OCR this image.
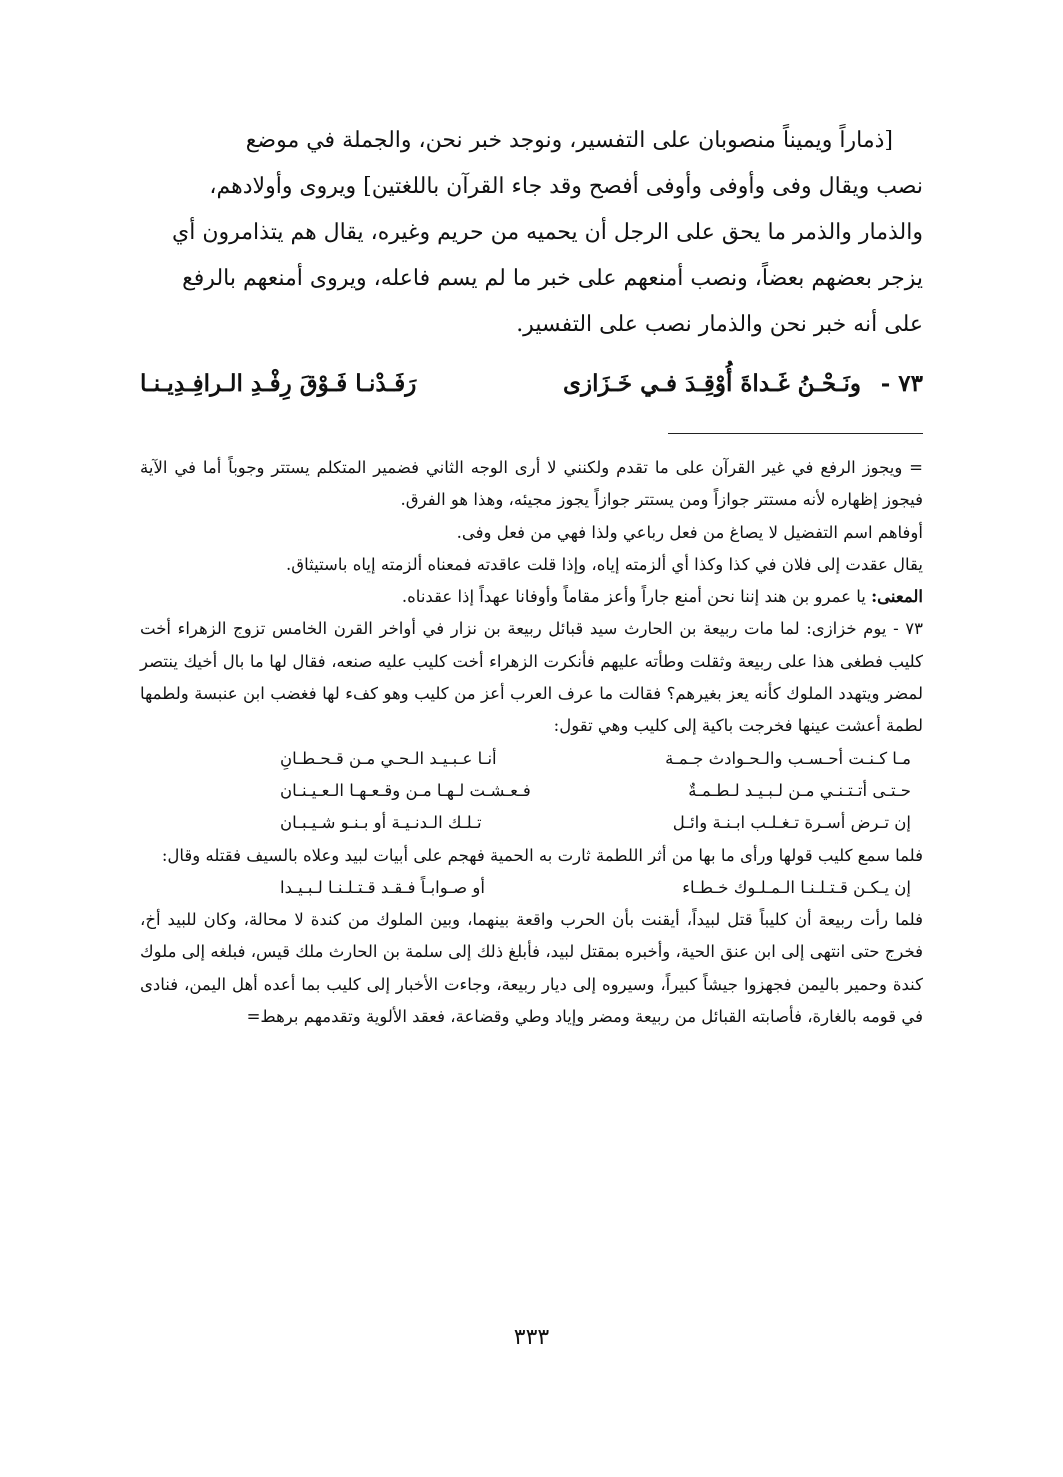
[ذماراً ويميناً منصوبان على التفسير، ونوجد خبر نحن، والجملة في موضع

نصب ويقال وفى وأوفى وأوفى أفصح وقد جاء القرآن باللغتين] ويروى وأولادهم،

والذمار والذمر ما يحق على الرجل أن يحميه من حريم وغيره، يقال هم يتذامرون أي

يزجر بعضهم بعضاً، ونصب أمنعهم على خبر ما لم يسم فاعله، ويروى أمنعهم بالرفع

على أنه خبر نحن والذمار نصب على التفسير.

٧٣ -
ونَـحْـنُ غَـداةَ أُوْقِـدَ فـي خَـزَازى
رَفَـدْنـا فَـوْقَ رِفْـدِ الـرافِـدِيـنـا

= ويجوز الرفع في غير القرآن على ما تقدم ولكنني لا أرى الوجه الثاني فضمير المتكلم يستتر وجوباً أما في الآية فيجوز إظهاره لأنه مستتر جوازاً ومن يستتر جوازاً يجوز مجيئه، وهذا هو الفرق.

أوفاهم اسم التفضيل لا يصاغ من فعل رباعي ولذا فهي من فعل وفى.

يقال عقدت إلى فلان في كذا وكذا أي ألزمته إياه، وإذا قلت عاقدته فمعناه ألزمته إياه باستيثاق.

المعنى: يا عمرو بن هند إننا نحن أمنع جاراً وأعز مقاماً وأوفانا عهداً إذا عقدناه.

٧٣ - يوم خزازى: لما مات ربيعة بن الحارث سيد قبائل ربيعة بن نزار في أواخر القرن الخامس تزوج الزهراء أخت كليب فطغى هذا على ربيعة وثقلت وطأته عليهم فأنكرت الزهراء أخت كليب عليه صنعه، فقال لها ما بال أخيك ينتصر لمضر ويتهدد الملوك كأنه يعز بغيرهم؟ فقالت ما عرف العرب أعز من كليب وهو كفء لها فغضب ابن عنبسة ولطمها لطمة أعشت عينها فخرجت باكية إلى كليب وهي تقول:

مـا كـنـت أحـسـب والـحـوادث جـمـة
أنـا عـبـيـد الـحـي مـن قـحـطـانِ
حـتـى أتـتـنـي مـن لـبـيـد لـطـمـةٌ
فـعـشـت لـهـا مـن وقـعـهـا الـعـيـنـان
إن تـرض أسـرة تـغـلـب ابـنـة وائـل
تـلـك الـدنـيـة أو بـنـو شـيـبـان

فلما سمع كليب قولها ورأى ما بها من أثر اللطمة ثارت به الحمية فهجم على أبيات لبيد وعلاه بالسيف فقتله وقال:

إن يـكـن قـتـلـنـا الـمـلـوك خـطـاء
أو صـوابـاً فـقـد قـتـلـنـا لـبـيـدا

فلما رأت ربيعة أن كليباً قتل لبيداً، أيقنت بأن الحرب واقعة بينهما، وبين الملوك من كندة لا محالة، وكان للبيد أخ، فخرج حتى انتهى إلى ابن عنق الحية، وأخبره بمقتل لبيد، فأبلغ ذلك إلى سلمة بن الحارث ملك قيس، فبلغه إلى ملوك كندة وحمير باليمن فجهزوا جيشاً كبيراً، وسيروه إلى ديار ربيعة، وجاءت الأخبار إلى كليب بما أعده أهل اليمن، فنادى في قومه بالغارة، فأصابته القبائل من ربيعة ومضر وإياد وطي وقضاعة، فعقد الألوية وتقدمهم برهط=

٣٣٣
